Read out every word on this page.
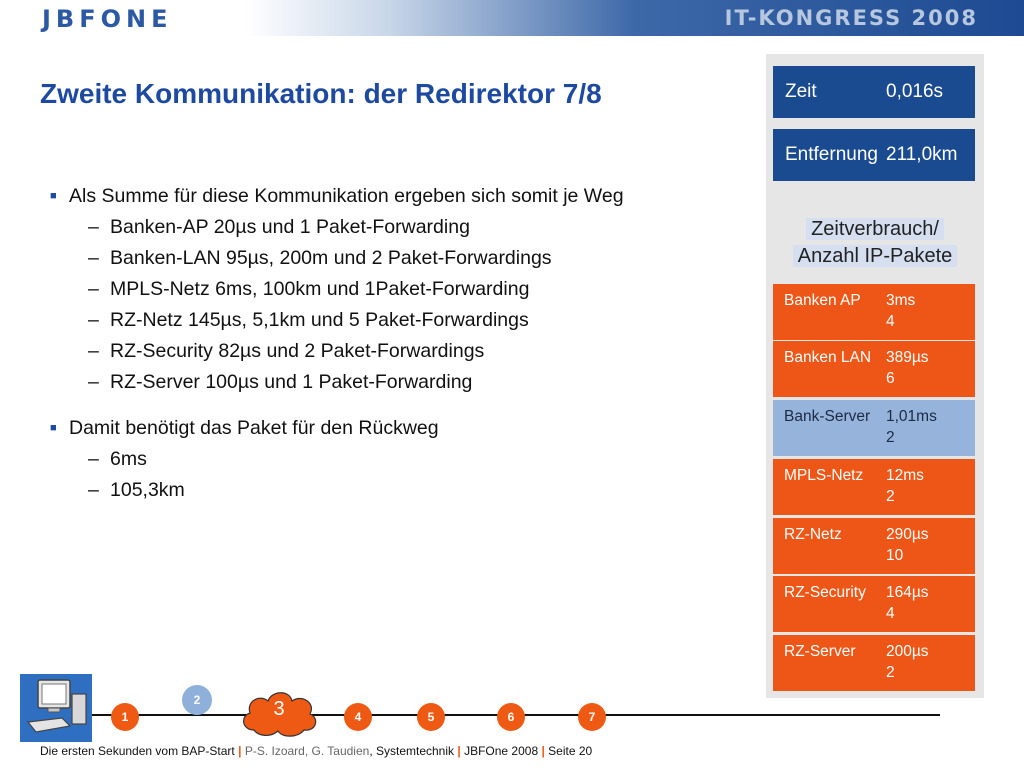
JBFONE	IT-KONGRESS 2008
Zweite Kommunikation: der Redirektor 7/8
■ Als Summe für diese Kommunikation ergeben sich somit je Weg
– Banken-AP 20µs und 1 Paket-Forwarding
– Banken-LAN 95µs, 200m und 2 Paket-Forwardings
– MPLS-Netz 6ms, 100km und 1Paket-Forwarding
– RZ-Netz 145µs, 5,1km und 5 Paket-Forwardings
– RZ-Security 82µs und 2 Paket-Forwardings
– RZ-Server 100µs und 1 Paket-Forwarding
■ Damit benötigt das Paket für den Rückweg
– 6ms
– 105,3km
Zeit	0,016s
Entfernung 211,0km
Zeitverbrauch/
Anzahl IP-Pakete
Banken AP 3ms
4
Banken LAN 389µs
6
Bank-Server 1,01ms
2
MPLS-Netz 12ms
2
RZ-Netz	290µs
10
RZ-Security 164µs
4
RZ-Server 200µs
2
1
2	3	4	5	6	7
Die ersten Sekunden vom BAP-Start | P-S. Izoard, G. Taudien, Systemtechnik | JBFOne 2008 | Seite 20
